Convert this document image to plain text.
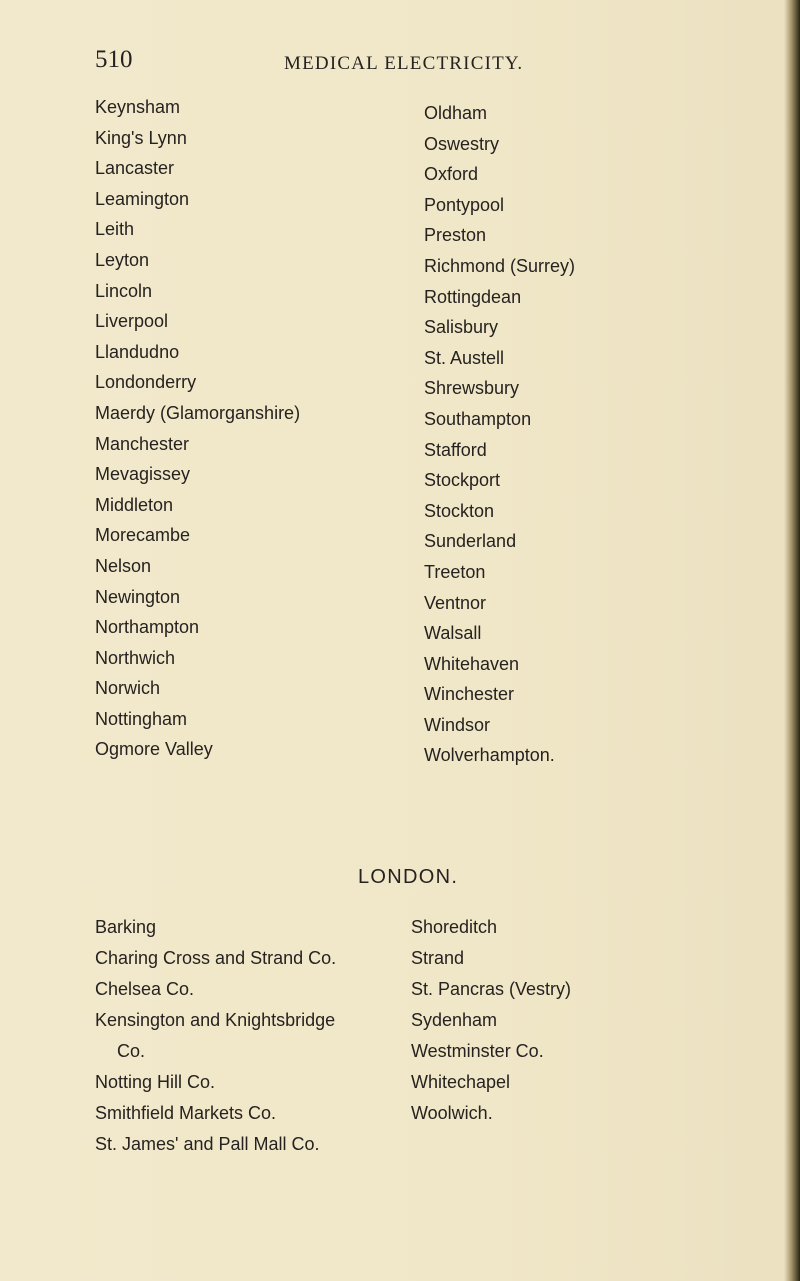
510	MEDICAL ELECTRICITY.
Keynsham
King's Lynn
Lancaster
Leamington
Leith
Leyton
Lincoln
Liverpool
Llandudno
Londonderry
Maerdy (Glamorganshire)
Manchester
Mevagissey
Middleton
Morecambe
Nelson
Newington
Northampton
Northwich
Norwich
Nottingham
Ogmore Valley
Oldham
Oswestry
Oxford
Pontypool
Preston
Richmond (Surrey)
Rottingdean
Salisbury
St. Austell
Shrewsbury
Southampton
Stafford
Stockport
Stockton
Sunderland
Treeton
Ventnor
Walsall
Whitehaven
Winchester
Windsor
Wolverhampton.
LONDON.
Barking
Charing Cross and Strand Co.
Chelsea Co.
Kensington and Knightsbridge
Co.
Notting Hill Co.
Smithfield Markets Co.
St. James' and Pall Mall Co.
Shoreditch
Strand
St. Pancras (Vestry)
Sydenham
Westminster Co.
Whitechapel
Woolwich.
